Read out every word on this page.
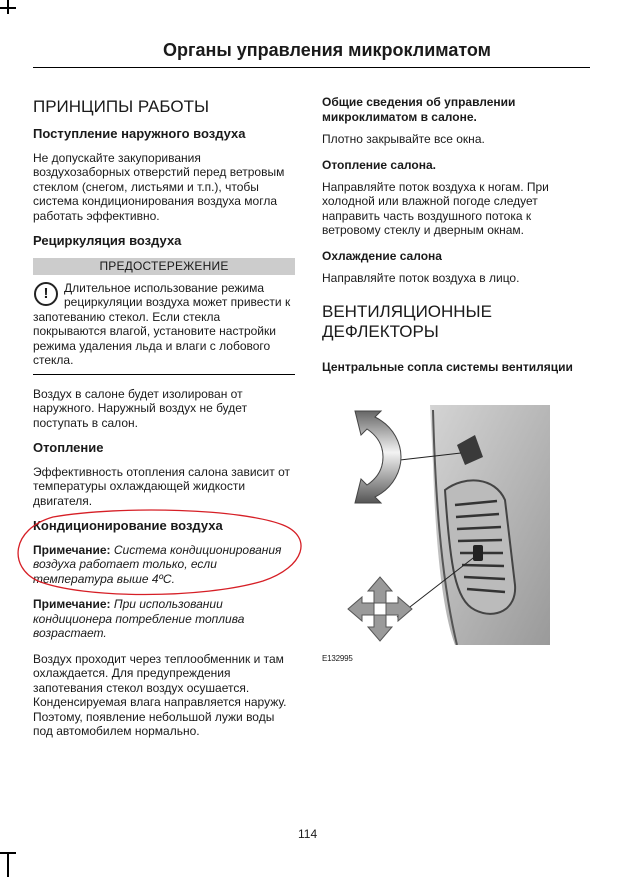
Органы управления микроклиматом
ПРИНЦИПЫ РАБОТЫ
Поступление наружного воздуха

Не допускайте закупоривания воздухозаборных отверстий перед ветровым стеклом (снегом, листьями и т.п.), чтобы система кондиционирования воздуха могла работать эффективно.

Рециркуляция воздуха
ПРЕДОСТЕРЕЖЕНИЕ
!	Длительное использование режима рециркуляции воздуха может привести к запотеванию стекол. Если стекла покрываются влагой, установите настройки режима удаления льда и влаги с лобового стекла.

Воздух в салоне будет изолирован от наружного. Наружный воздух не будет поступать в салон.

Отопление

Эффективность отопления салона зависит от температуры охлаждающей жидкости двигателя.

Кондиционирование воздуха

Примечание: Система кондиционирования воздуха работает только, если температура выше 4ºC.

Примечание: При использовании кондиционера потребление топлива возрастает.

Воздух проходит через теплообменник и там охлаждается. Для предупреждения запотевания стекол воздух осушается. Конденсируемая влага направляется наружу. Поэтому, появление небольшой лужи воды под автомобилем нормально.

Общие сведения об управлении микроклиматом в салоне.

Плотно закрывайте все окна.

Отопление салона.

Направляйте поток воздуха к ногам. При холодной или влажной погоде следует направить часть воздушного потока к ветровому стеклу и дверным окнам.

Охлаждение салона

Направляйте поток воздуха в лицо.

ВЕНТИЛЯЦИОННЫЕ ДЕФЛЕКТОРЫ
Центральные сопла системы вентиляции
E132995
114
